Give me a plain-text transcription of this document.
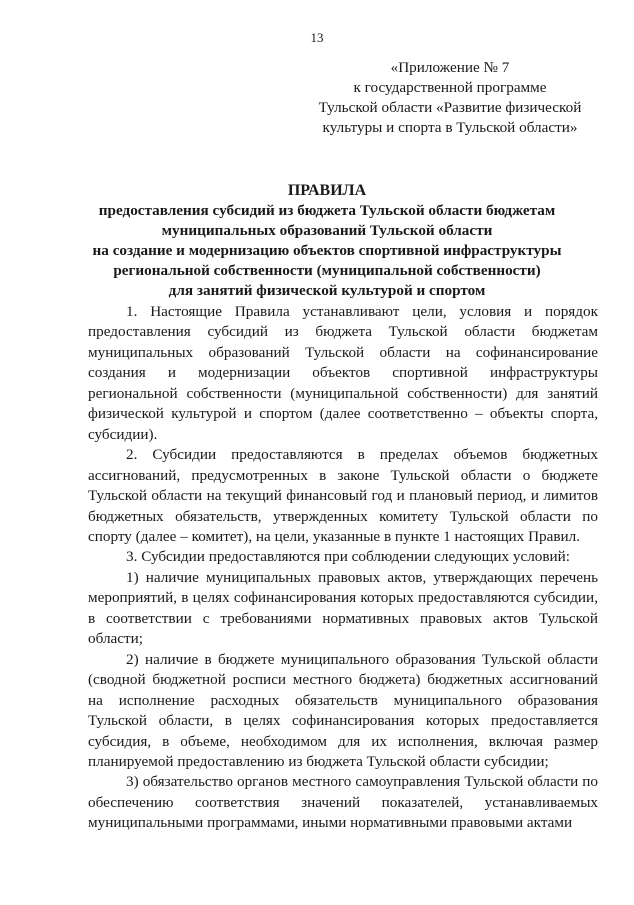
13
«Приложение № 7
к государственной программе
Тульской области «Развитие физической
культуры и спорта в Тульской области»
ПРАВИЛА
предоставления субсидий из бюджета Тульской области бюджетам
муниципальных образований Тульской области
на создание и модернизацию объектов спортивной инфраструктуры
региональной собственности (муниципальной собственности)
для занятий физической культурой и спортом

1. Настоящие Правила устанавливают цели, условия и порядок предоставления субсидий из бюджета Тульской области бюджетам муниципальных образований Тульской области на софинансирование создания и модернизации объектов спортивной инфраструктуры региональной собственности (муниципальной собственности) для занятий физической культурой и спортом (далее соответственно – объекты спорта, субсидии).

2. Субсидии предоставляются в пределах объемов бюджетных ассигнований, предусмотренных в законе Тульской области о бюджете Тульской области на текущий финансовый год и плановый период, и лимитов бюджетных обязательств, утвержденных комитету Тульской области по спорту (далее – комитет), на цели, указанные в пункте 1 настоящих Правил.

3. Субсидии предоставляются при соблюдении следующих условий:

1) наличие муниципальных правовых актов, утверждающих перечень мероприятий, в целях софинансирования которых предоставляются субсидии, в соответствии с требованиями нормативных правовых актов Тульской области;

2) наличие в бюджете муниципального образования Тульской области (сводной бюджетной росписи местного бюджета) бюджетных ассигнований на исполнение расходных обязательств муниципального образования Тульской области, в целях софинансирования которых предоставляется субсидия, в объеме, необходимом для их исполнения, включая размер планируемой предоставлению из бюджета Тульской области субсидии;

3) обязательство органов местного самоуправления Тульской области по обеспечению соответствия значений показателей, устанавливаемых муниципальными программами, иными нормативными правовыми актами
